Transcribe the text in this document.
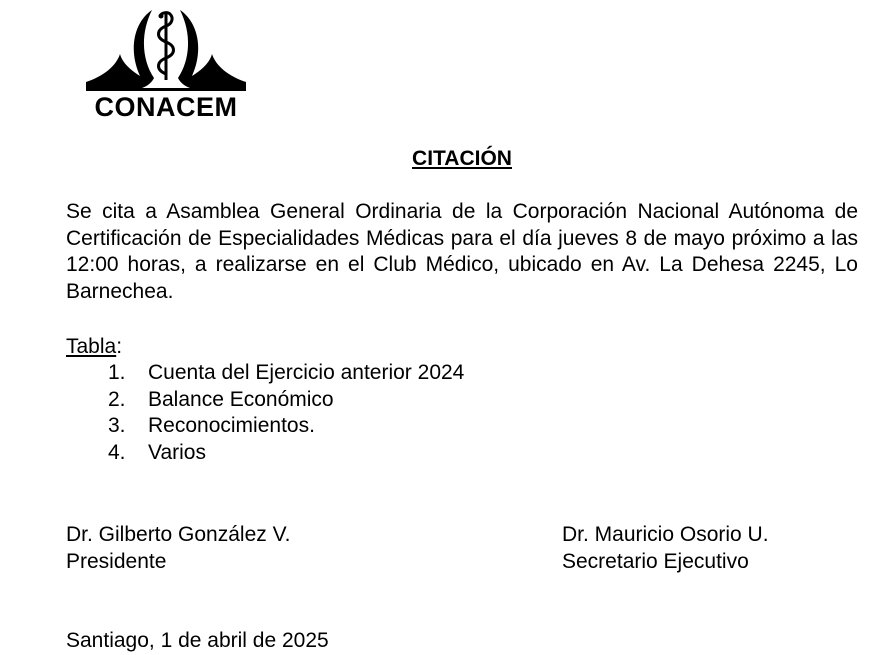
CONACEM
CITACIÓN
Se cita a Asamblea General Ordinaria de la Corporación Nacional Autónoma de Certificación de Especialidades Médicas para el día jueves 8 de mayo próximo a las 12:00 horas, a realizarse en el Club Médico, ubicado en Av. La Dehesa 2245, Lo Barnechea.
Tabla:
1.	Cuenta del Ejercicio anterior 2024
2.	Balance Económico
3.	Reconocimientos.
4.	Varios
Dr. Gilberto González V.
Presidente
Dr. Mauricio Osorio U.
Secretario Ejecutivo
Santiago, 1 de abril de 2025
